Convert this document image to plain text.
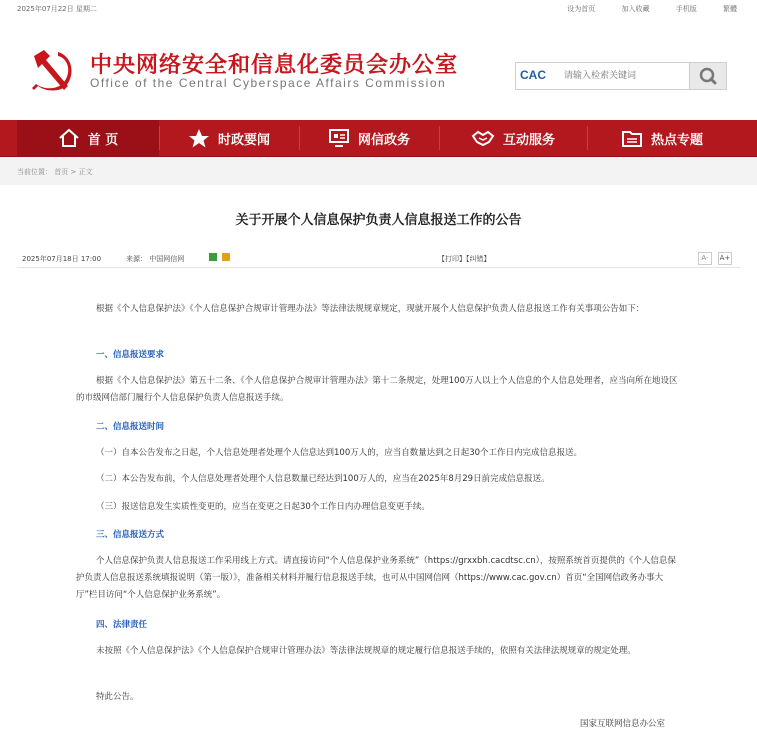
2025年07月22日 星期二	设为首页	加入收藏	手机版	繁體
中央网络安全和信息化委员会办公室
Office of the Central Cyberspace Affairs Commission
CAC
请输入检索关键词
首 页	时政要闻	网信政务	互动服务	热点专题
当前位置： 首页 > 正文
关于开展个人信息保护负责人信息报送工作的公告
2025年07月18日 17:00	来源： 中国网信网	【打印】【纠错】	A-	A+
根据《个人信息保护法》《个人信息保护合规审计管理办法》等法律法规规章规定，现就开展个人信息保护负责人信息报送工作有关事项公告如下：
一、信息报送要求
根据《个人信息保护法》第五十二条、《个人信息保护合规审计管理办法》第十二条规定，处理100万人以上个人信息的个人信息处理者，应当向所在地设区的市级网信部门履行个人信息保护负责人信息报送手续。
二、信息报送时间
（一）自本公告发布之日起，个人信息处理者处理个人信息达到100万人的，应当自数量达到之日起30个工作日内完成信息报送。
（二）本公告发布前，个人信息处理者处理个人信息数量已经达到100万人的，应当在2025年8月29日前完成信息报送。
（三）报送信息发生实质性变更的，应当在变更之日起30个工作日内办理信息变更手续。
三、信息报送方式
个人信息保护负责人信息报送工作采用线上方式。请直接访问“个人信息保护业务系统”（https://grxxbh.cacdtsc.cn），按照系统首页提供的《个人信息保护负责人信息报送系统填报说明（第一版）》，准备相关材料并履行信息报送手续，也可从中国网信网（https://www.cac.gov.cn）首页“全国网信政务办事大厅”栏目访问“个人信息保护业务系统”。
四、法律责任
未按照《个人信息保护法》《个人信息保护合规审计管理办法》等法律法规规章的规定履行信息报送手续的，依照有关法律法规规章的规定处理。
特此公告。
国家互联网信息办公室
